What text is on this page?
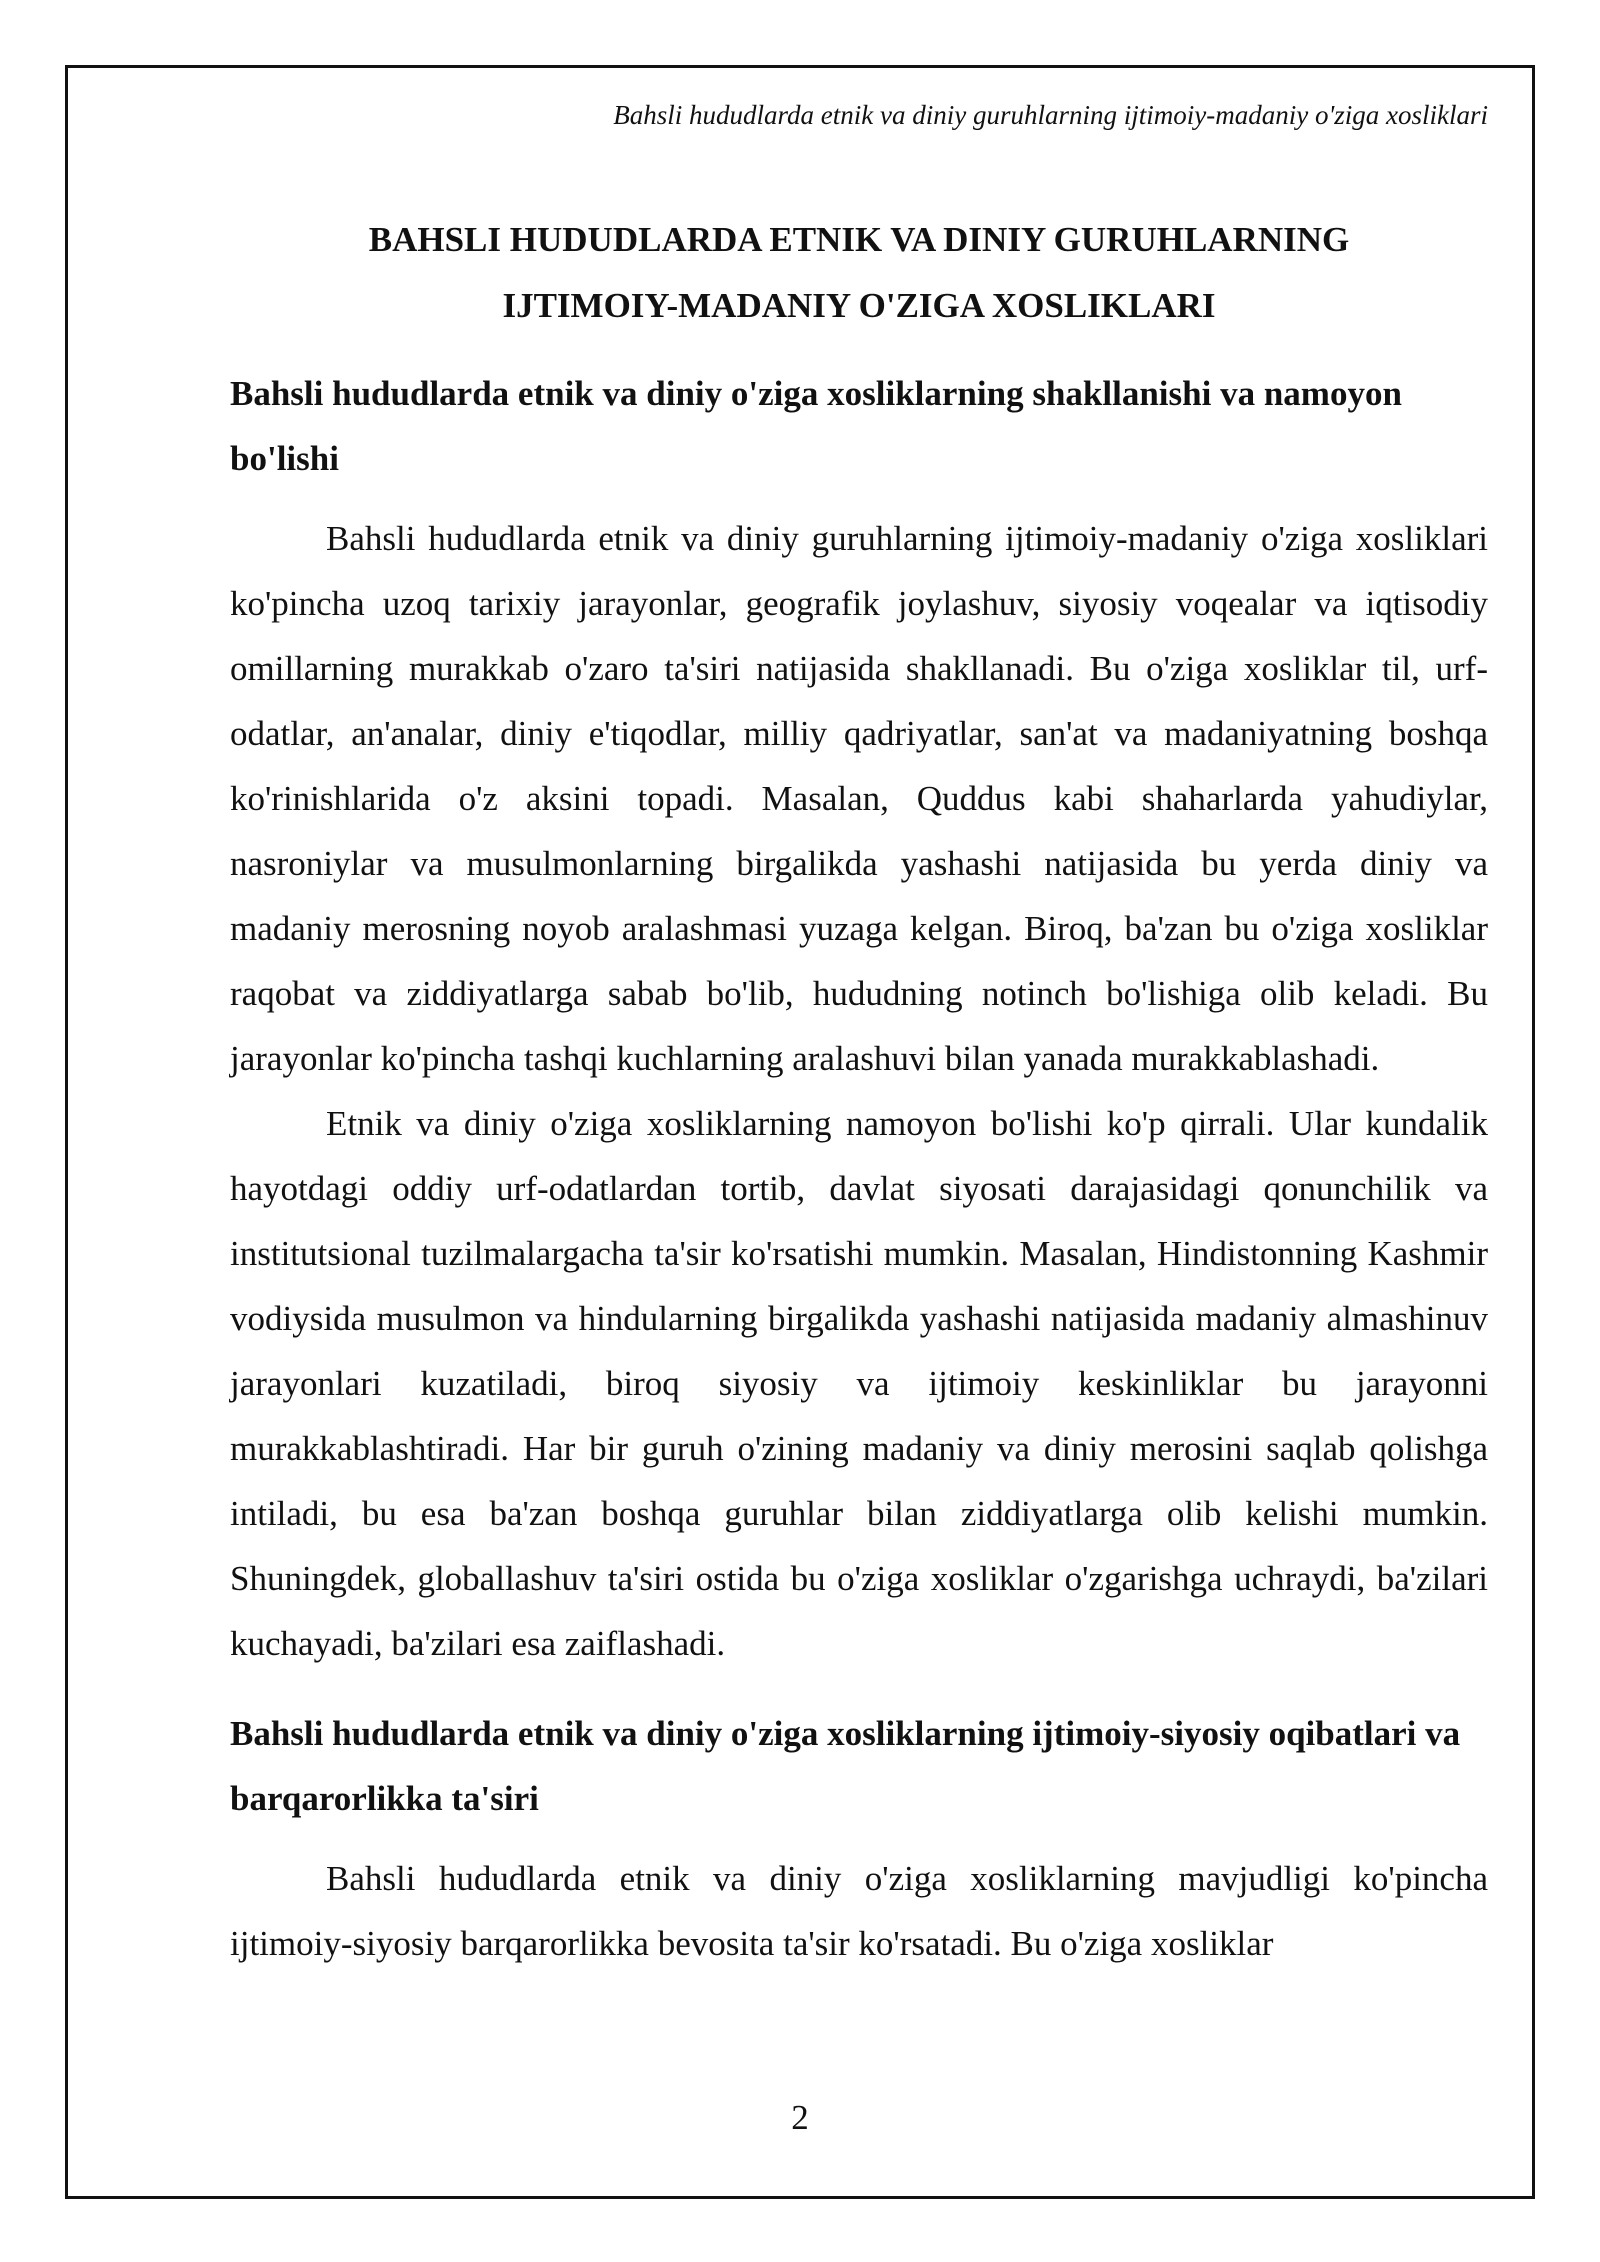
Bahsli hududlarda etnik va diniy guruhlarning ijtimoiy-madaniy o'ziga xosliklari
BAHSLI HUDUDLARDA ETNIK VA DINIY GURUHLARNING
IJTIMOIY-MADANIY O'ZIGA XOSLIKLARI
Bahsli hududlarda etnik va diniy o'ziga xosliklarning shakllanishi va namoyon bo'lishi

Bahsli hududlarda etnik va diniy guruhlarning ijtimoiy-madaniy o'ziga xosliklari ko'pincha uzoq tarixiy jarayonlar, geografik joylashuv, siyosiy voqealar va iqtisodiy omillarning murakkab o'zaro ta'siri natijasida shakllanadi. Bu o'ziga xosliklar til, urf-odatlar, an'analar, diniy e'tiqodlar, milliy qadriyatlar, san'at va madaniyatning boshqa ko'rinishlarida o'z aksini topadi. Masalan, Quddus kabi shaharlarda yahudiylar, nasroniylar va musulmonlarning birgalikda yashashi natijasida bu yerda diniy va madaniy merosning noyob aralashmasi yuzaga kelgan. Biroq, ba'zan bu o'ziga xosliklar raqobat va ziddiyatlarga sabab bo'lib, hududning notinch bo'lishiga olib keladi. Bu jarayonlar ko'pincha tashqi kuchlarning aralashuvi bilan yanada murakkablashadi.

Etnik va diniy o'ziga xosliklarning namoyon bo'lishi ko'p qirrali. Ular kundalik hayotdagi oddiy urf-odatlardan tortib, davlat siyosati darajasidagi qonunchilik va institutsional tuzilmalargacha ta'sir ko'rsatishi mumkin. Masalan, Hindistonning Kashmir vodiysida musulmon va hindularning birgalikda yashashi natijasida madaniy almashinuv jarayonlari kuzatiladi, biroq siyosiy va ijtimoiy keskinliklar bu jarayonni murakkablashtiradi. Har bir guruh o'zining madaniy va diniy merosini saqlab qolishga intiladi, bu esa ba'zan boshqa guruhlar bilan ziddiyatlarga olib kelishi mumkin. Shuningdek, globallashuv ta'siri ostida bu o'ziga xosliklar o'zgarishga uchraydi, ba'zilari kuchayadi, ba'zilari esa zaiflashadi.

Bahsli hududlarda etnik va diniy o'ziga xosliklarning ijtimoiy-siyosiy oqibatlari va barqarorlikka ta'siri

Bahsli hududlarda etnik va diniy o'ziga xosliklarning mavjudligi ko'pincha ijtimoiy-siyosiy barqarorlikka bevosita ta'sir ko'rsatadi. Bu o'ziga xosliklar

2
